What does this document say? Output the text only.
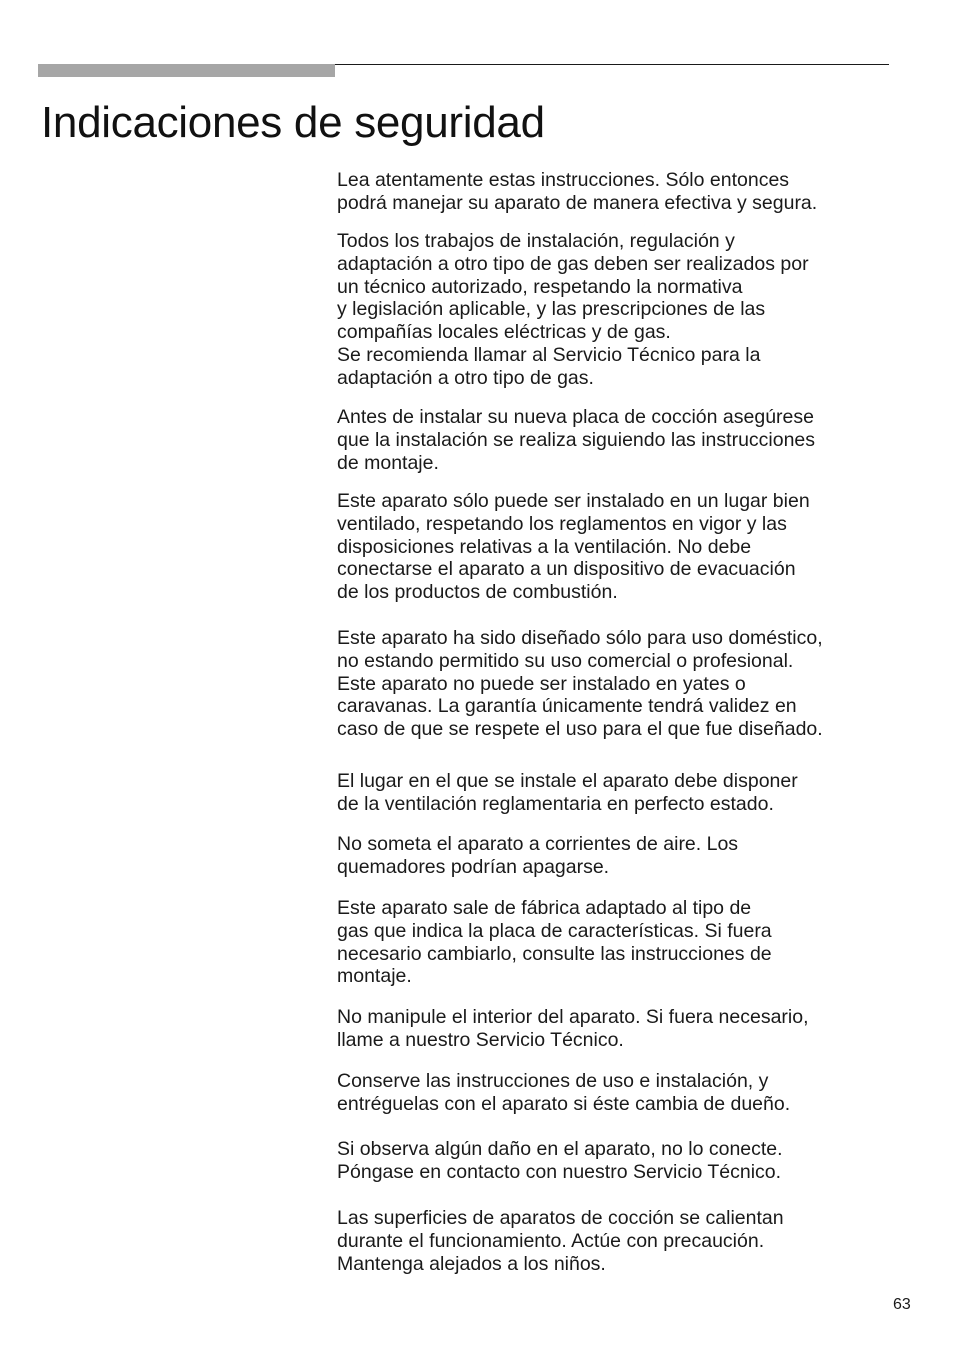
Indicaciones de seguridad

Lea atentamente estas instrucciones. Sólo entonces
podrá manejar su aparato de manera efectiva y segura.

Todos los trabajos de instalación, regulación y
adaptación a otro tipo de gas deben ser realizados por
un técnico autorizado, respetando la normativa
y legislación aplicable, y las prescripciones de las
compañías locales eléctricas y de gas.
Se recomienda llamar al Servicio Técnico para la
adaptación a otro tipo de gas.

Antes de instalar su nueva placa de cocción asegúrese
que la instalación se realiza siguiendo las instrucciones
de montaje.

Este aparato sólo puede ser instalado en un lugar bien
ventilado, respetando los reglamentos en vigor y las
disposiciones relativas a la ventilación. No debe
conectarse el aparato a un dispositivo de evacuación
de los productos de combustión.

Este aparato ha sido diseñado sólo para uso doméstico,
no estando permitido su uso comercial o profesional.
Este aparato no puede ser instalado en yates o
caravanas. La garantía únicamente tendrá validez en
caso de que se respete el uso para el que fue diseñado.

El lugar en el que se instale el aparato debe disponer
de la ventilación reglamentaria en perfecto estado.

No someta el aparato a corrientes de aire. Los
quemadores podrían apagarse.

Este aparato sale de fábrica adaptado al tipo de
gas que indica la placa de características. Si fuera
necesario cambiarlo, consulte las instrucciones de
montaje.

No manipule el interior del aparato. Si fuera necesario,
llame a nuestro Servicio Técnico.

Conserve las instrucciones de uso e instalación, y
entréguelas con el aparato si éste cambia de dueño.

Si observa algún daño en el aparato, no lo conecte.
Póngase en contacto con nuestro Servicio Técnico.

Las superficies de aparatos de cocción se calientan
durante el funcionamiento. Actúe con precaución.
Mantenga alejados a los niños.

63
